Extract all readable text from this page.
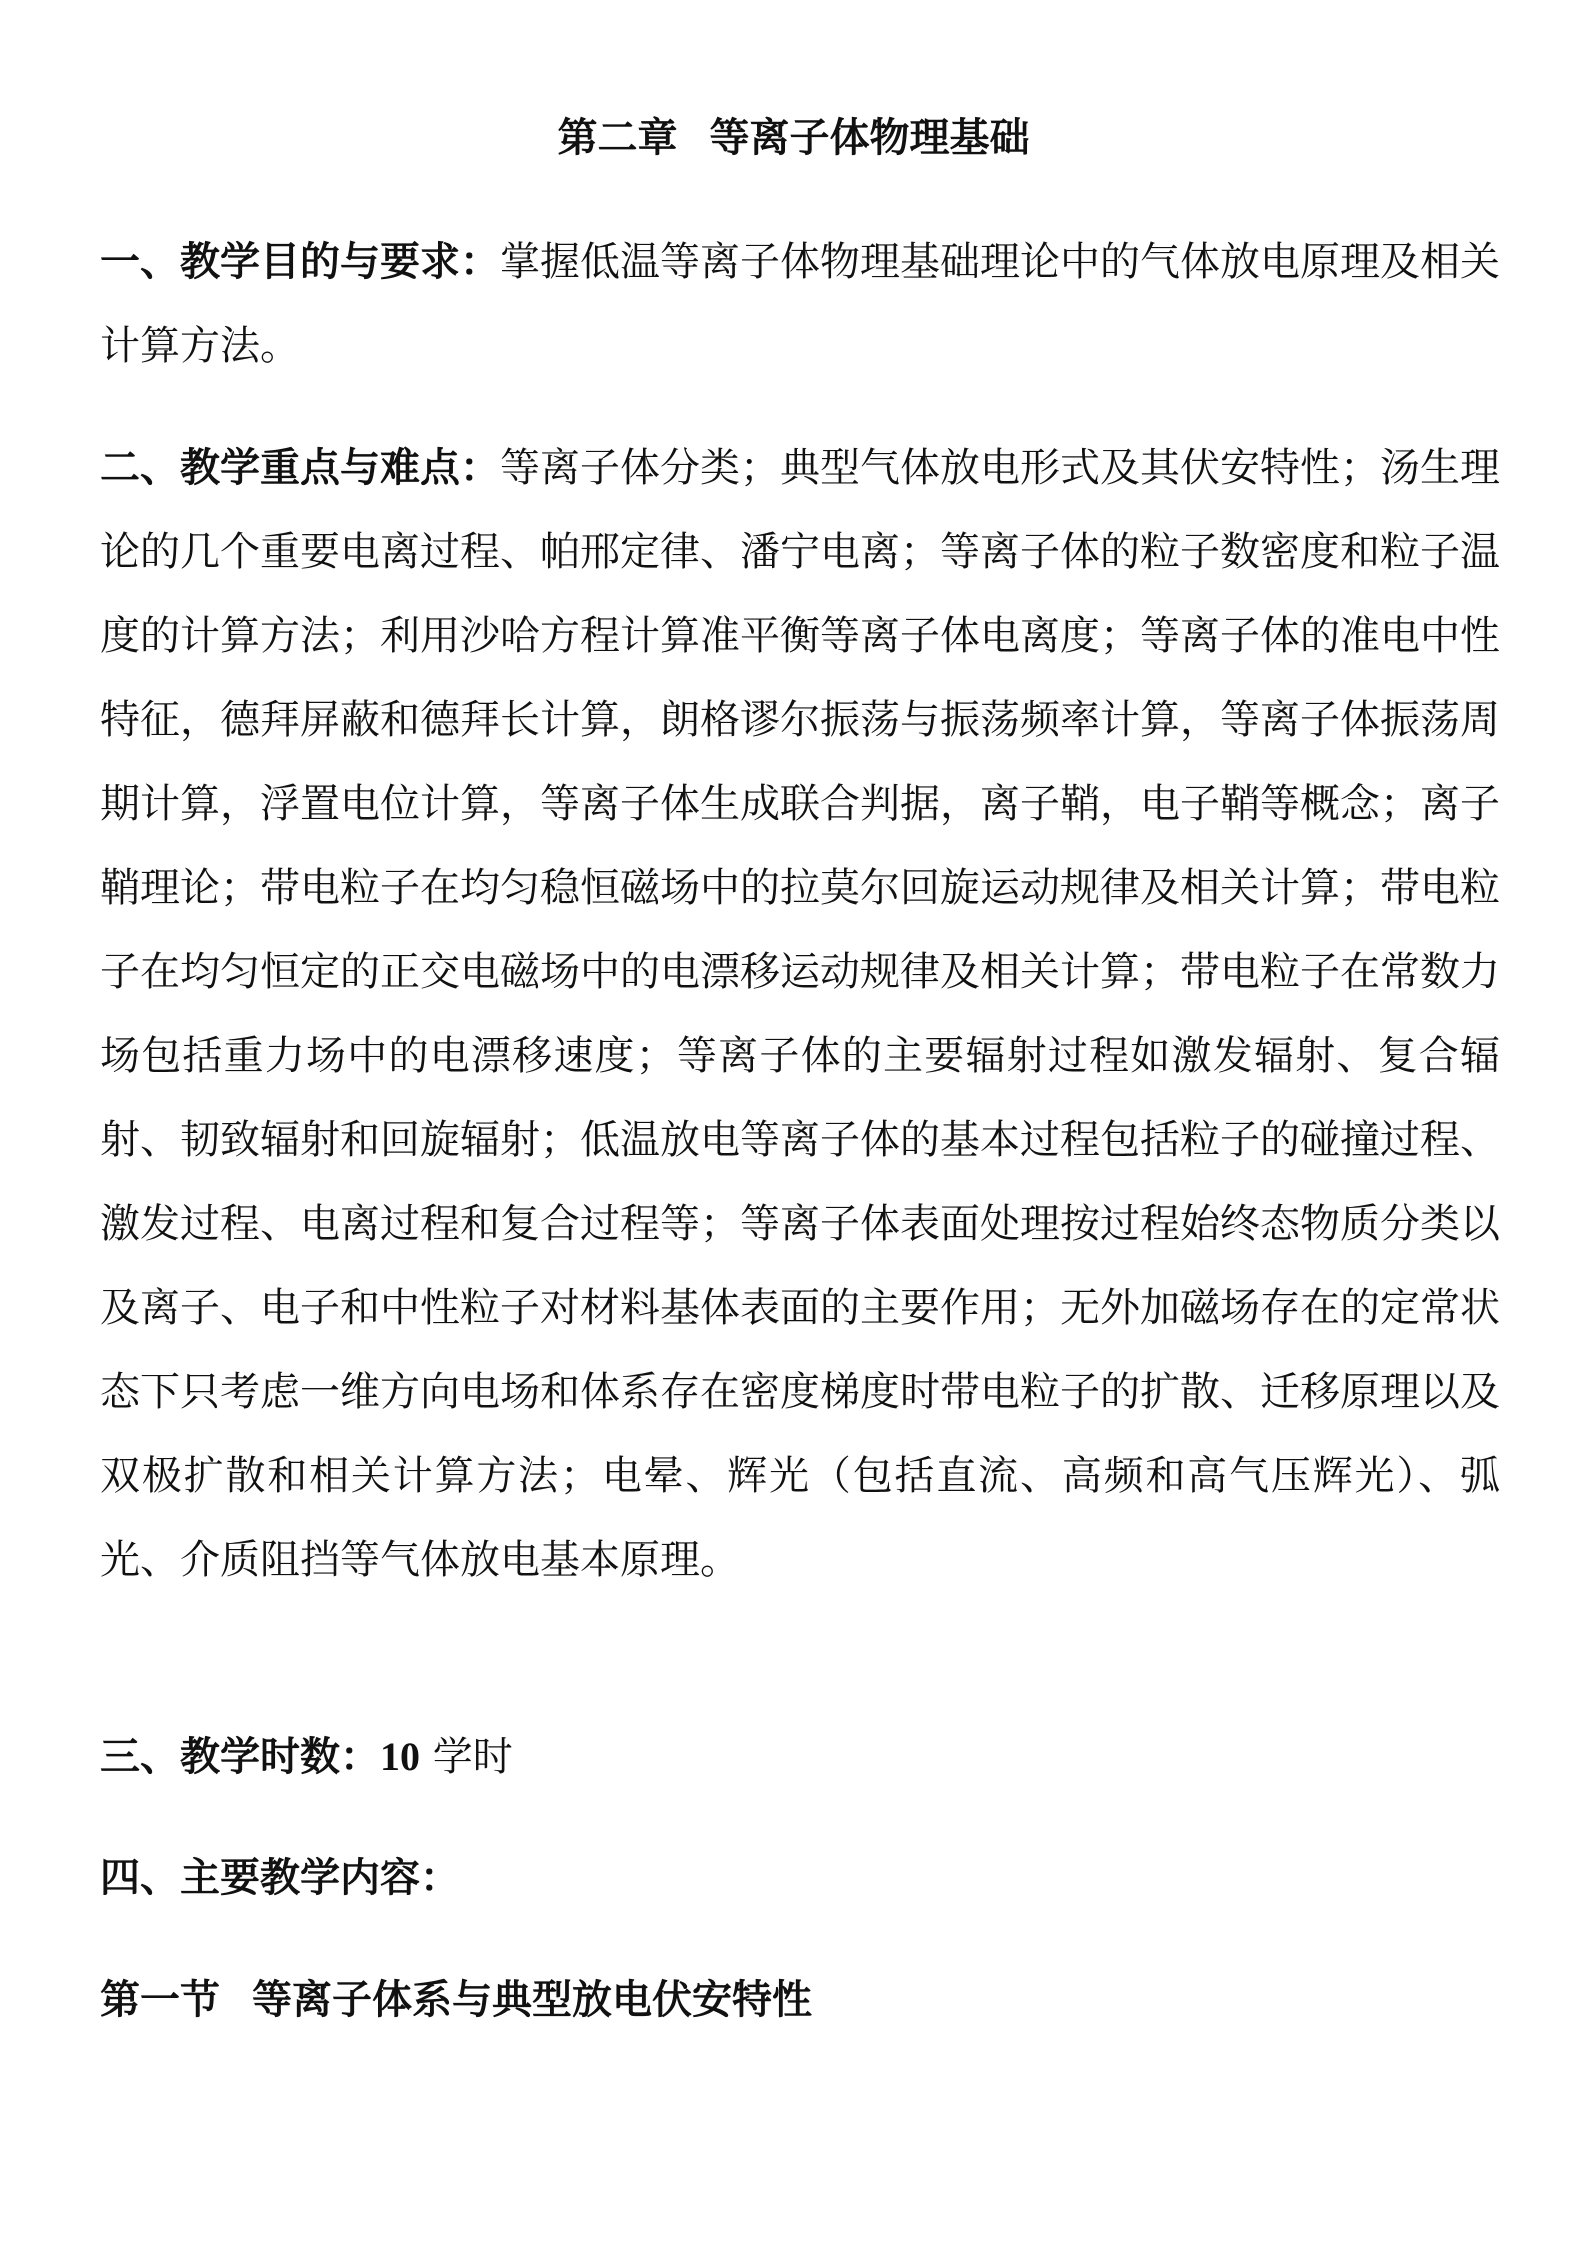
第二章 等离子体物理基础

一、教学目的与要求：掌握低温等离子体物理基础理论中的气体放电原理及相关计算方法。

二、教学重点与难点：等离子体分类；典型气体放电形式及其伏安特性；汤生理论的几个重要电离过程、帕邢定律、潘宁电离；等离子体的粒子数密度和粒子温度的计算方法；利用沙哈方程计算准平衡等离子体电离度；等离子体的准电中性特征，德拜屏蔽和德拜长计算，朗格谬尔振荡与振荡频率计算，等离子体振荡周期计算，浮置电位计算，等离子体生成联合判据，离子鞘，电子鞘等概念；离子鞘理论；带电粒子在均匀稳恒磁场中的拉莫尔回旋运动规律及相关计算；带电粒子在均匀恒定的正交电磁场中的电漂移运动规律及相关计算；带电粒子在常数力场包括重力场中的电漂移速度；等离子体的主要辐射过程如激发辐射、复合辐射、韧致辐射和回旋辐射；低温放电等离子体的基本过程包括粒子的碰撞过程、激发过程、电离过程和复合过程等；等离子体表面处理按过程始终态物质分类以及离子、电子和中性粒子对材料基体表面的主要作用；无外加磁场存在的定常状态下只考虑一维方向电场和体系存在密度梯度时带电粒子的扩散、迁移原理以及双极扩散和相关计算方法；电晕、辉光（包括直流、高频和高气压辉光）、弧光、介质阻挡等气体放电基本原理。

三、教学时数：10 学时

四、主要教学内容：

第一节 等离子体系与典型放电伏安特性
